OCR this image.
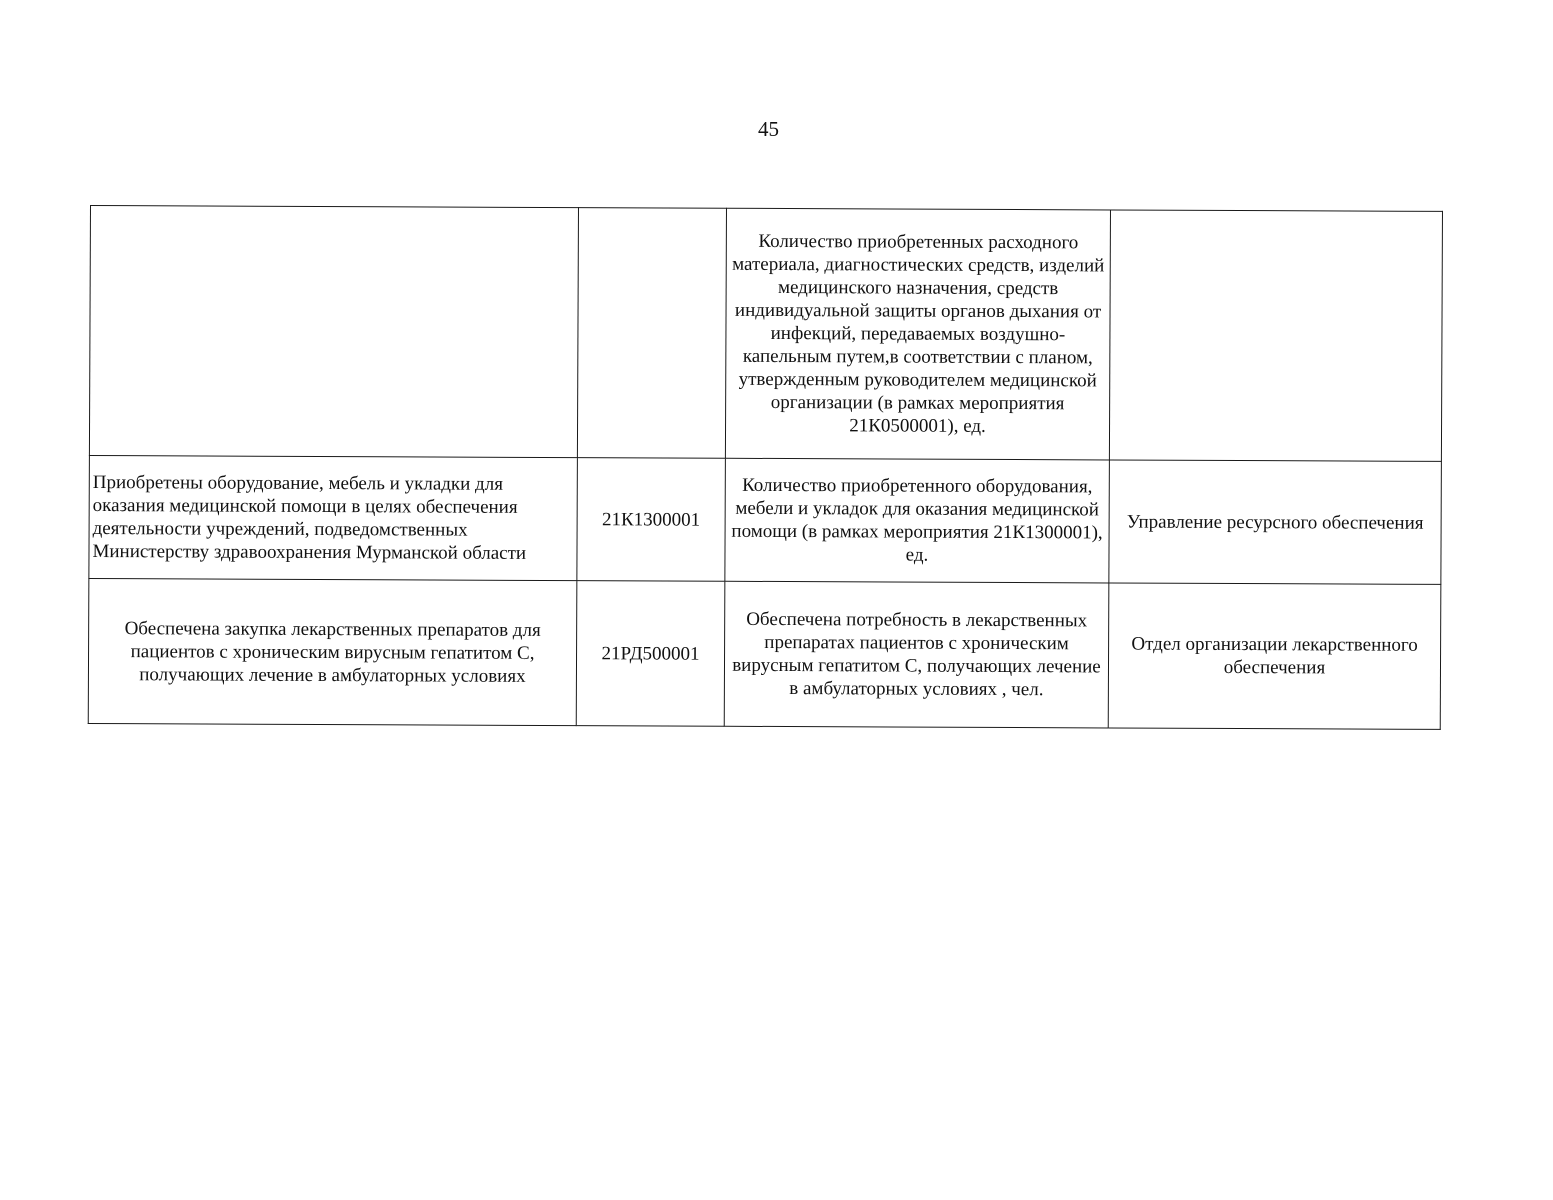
45
		Количество приобретенных расходного материала, диагностических средств, изделий медицинского назначения, средств индивидуальной защиты органов дыхания от инфекций, передаваемых воздушно-капельным путем,в соответствии с планом, утвержденным руководителем медицинской организации (в рамках мероприятия 21К0500001), ед.	
Приобретены оборудование, мебель и укладки для оказания медицинской помощи в целях обеспечения деятельности учреждений, подведомственных Министерству здравоохранения Мурманской области	21К1300001	Количество приобретенного оборудования, мебели и укладок для оказания медицинской помощи (в рамках мероприятия 21К1300001), ед.	Управление ресурсного обеспечения
Обеспечена закупка лекарственных препаратов для пациентов с хроническим вирусным гепатитом С, получающих лечение в амбулаторных условиях	21РД500001	Обеспечена потребность в лекарственных препаратах пациентов с хроническим вирусным гепатитом С, получающих лечение в амбулаторных условиях , чел.	Отдел организации лекарственного обеспечения
